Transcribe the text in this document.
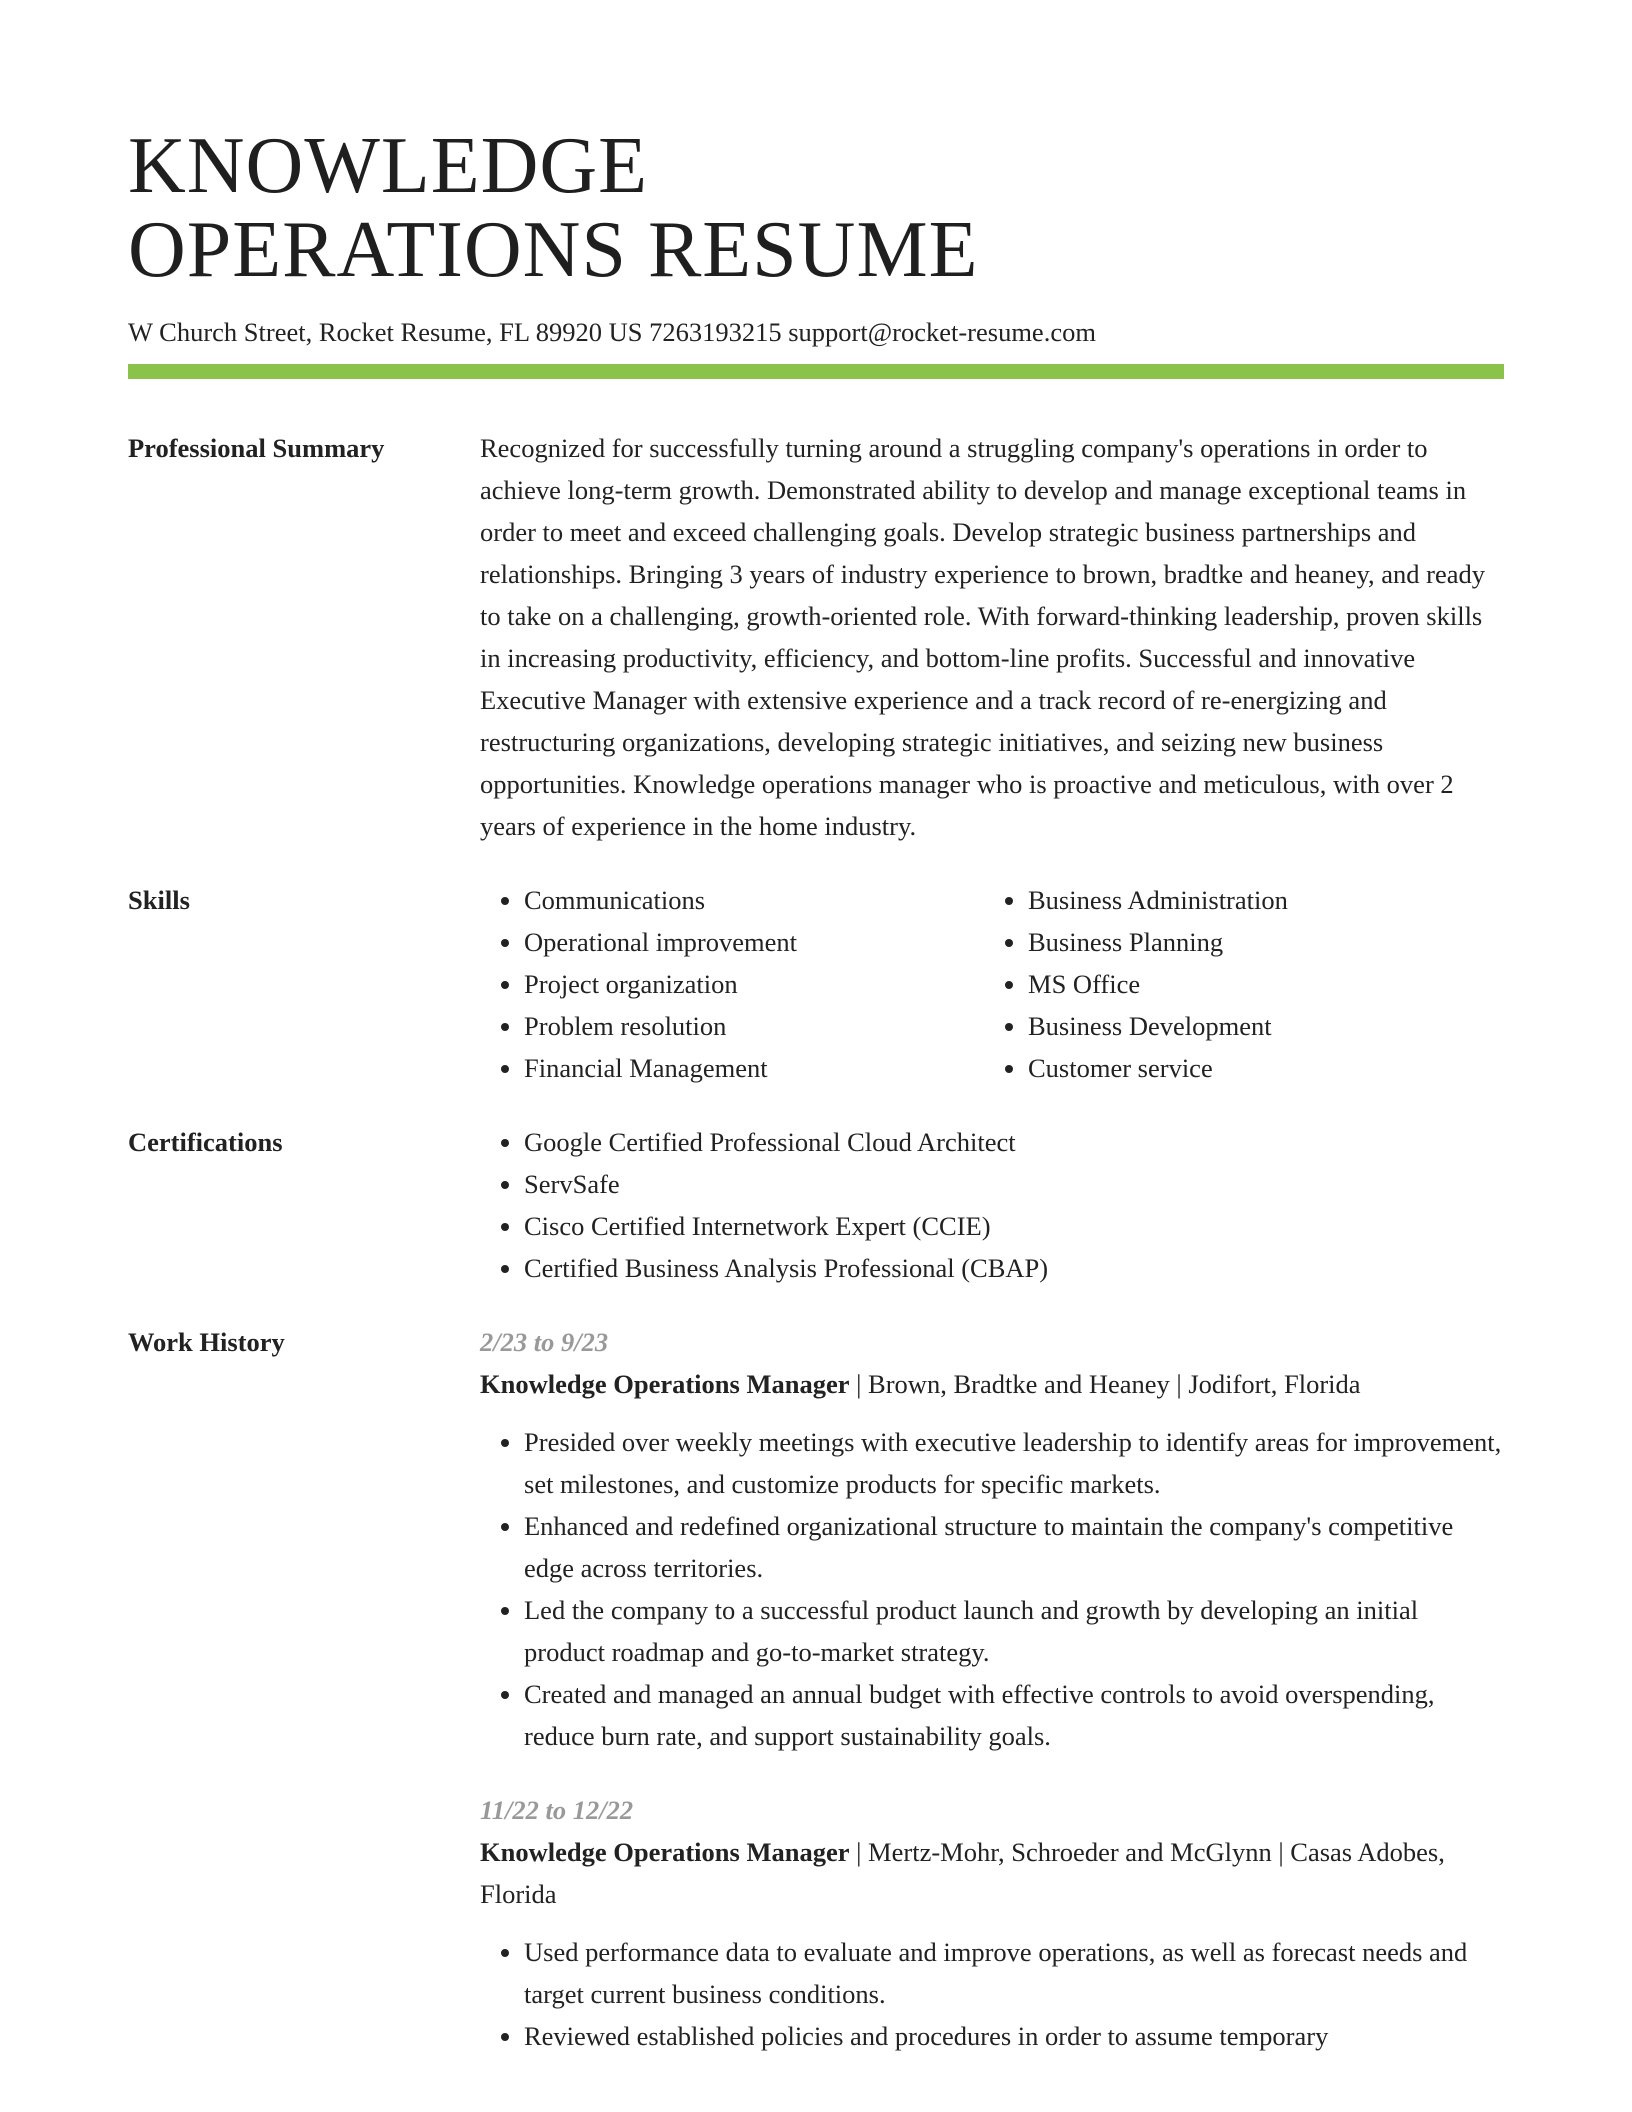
KNOWLEDGE
OPERATIONS RESUME
W Church Street, Rocket Resume, FL 89920 US 7263193215 support@rocket-resume.com
Professional Summary	Recognized for successfully turning around a struggling company's operations in order to achieve long-term growth. Demonstrated ability to develop and manage exceptional teams in order to meet and exceed challenging goals. Develop strategic business partnerships and relationships. Bringing 3 years of industry experience to brown, bradtke and heaney, and ready to take on a challenging, growth-oriented role. With forward-thinking leadership, proven skills in increasing productivity, efficiency, and bottom-line profits. Successful and innovative Executive Manager with extensive experience and a track record of re-energizing and restructuring organizations, developing strategic initiatives, and seizing new business opportunities. Knowledge operations manager who is proactive and meticulous, with over 2 years of experience in the home industry.
Skills	• Communications
• Operational improvement
• Project organization
• Problem resolution
• Financial Management
• Business Administration
• Business Planning
• MS Office
• Business Development
• Customer service
Certifications	• Google Certified Professional Cloud Architect
• ServSafe
• Cisco Certified Internetwork Expert (CCIE)
• Certified Business Analysis Professional (CBAP)
Work History	2/23 to 9/23
Knowledge Operations Manager | Brown, Bradtke and Heaney | Jodifort, Florida
• Presided over weekly meetings with executive leadership to identify areas for improvement, set milestones, and customize products for specific markets.
• Enhanced and redefined organizational structure to maintain the company's competitive edge across territories.
• Led the company to a successful product launch and growth by developing an initial product roadmap and go-to-market strategy.
• Created and managed an annual budget with effective controls to avoid overspending, reduce burn rate, and support sustainability goals.
11/22 to 12/22
Knowledge Operations Manager | Mertz-Mohr, Schroeder and McGlynn | Casas Adobes, Florida
• Used performance data to evaluate and improve operations, as well as forecast needs and target current business conditions.
• Reviewed established policies and procedures in order to assume temporary
